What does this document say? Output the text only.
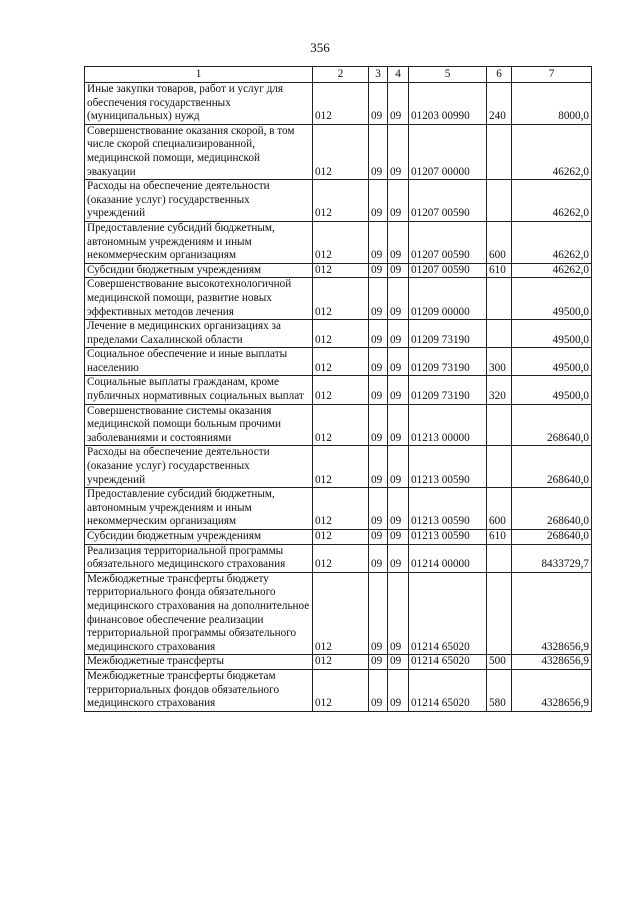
356
1	2	3	4	5	6	7
Иные закупки товаров, работ и услуг для обеспечения государственных (муниципальных) нужд	012	09	09	01203 00990	240	8000,0
Совершенствование оказания скорой, в том числе скорой специализированной, медицинской помощи, медицинской эвакуации	012	09	09	01207 00000		46262,0
Расходы на обеспечение деятельности (оказание услуг) государственных учреждений	012	09	09	01207 00590		46262,0
Предоставление субсидий бюджетным, автономным учреждениям и иным некоммерческим организациям	012	09	09	01207 00590	600	46262,0
Субсидии бюджетным учреждениям	012	09	09	01207 00590	610	46262,0
Совершенствование высокотехнологичной медицинской помощи, развитие новых эффективных методов лечения	012	09	09	01209 00000		49500,0
Лечение в медицинских организациях за пределами Сахалинской области	012	09	09	01209 73190		49500,0
Социальное обеспечение и иные выплаты населению	012	09	09	01209 73190	300	49500,0
Социальные выплаты гражданам, кроме публичных нормативных социальных выплат	012	09	09	01209 73190	320	49500,0
Совершенствование системы оказания медицинской помощи больным прочими заболеваниями и состояниями	012	09	09	01213 00000		268640,0
Расходы на обеспечение деятельности (оказание услуг) государственных учреждений	012	09	09	01213 00590		268640,0
Предоставление субсидий бюджетным, автономным учреждениям и иным некоммерческим организациям	012	09	09	01213 00590	600	268640,0
Субсидии бюджетным учреждениям	012	09	09	01213 00590	610	268640,0
Реализация территориальной программы обязательного медицинского страхования	012	09	09	01214 00000		8433729,7
Межбюджетные трансферты бюджету территориального фонда обязательного медицинского страхования на дополнительное финансовое обеспечение реализации территориальной программы обязательного медицинского страхования	012	09	09	01214 65020		4328656,9
Межбюджетные трансферты	012	09	09	01214 65020	500	4328656,9
Межбюджетные трансферты бюджетам территориальных фондов обязательного медицинского страхования	012	09	09	01214 65020	580	4328656,9
